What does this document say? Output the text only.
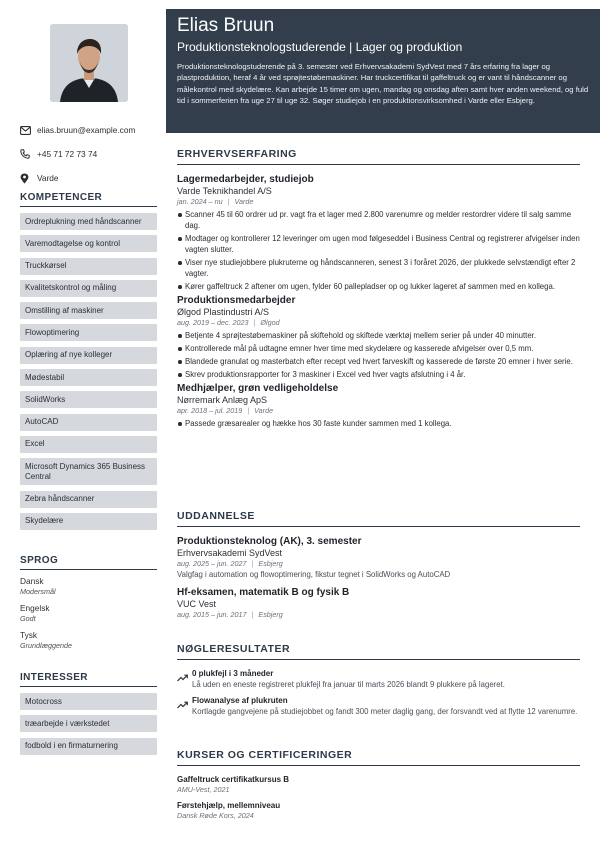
elias.bruun@example.com
+45 71 72 73 74
Varde
KOMPETENCER
Ordreplukning med håndscanner
Varemodtagelse og kontrol
Truckkørsel
Kvalitetskontrol og måling
Omstilling af maskiner
Flowoptimering
Oplæring af nye kolleger
Mødestabil
SolidWorks
AutoCAD
Excel
Microsoft Dynamics 365 Business Central
Zebra håndscanner
Skydelære
SPROG
Dansk
Modersmål
Engelsk
Godt
Tysk
Grundlæggende
INTERESSER
Motocross
træarbejde i værkstedet
fodbold i en firmaturnering
Elias Bruun
Produktionsteknologstuderende | Lager og produktion
Produktionsteknologstuderende på 3. semester ved Erhvervsakademi SydVest med 7 års erfaring fra lager og plastproduktion, heraf 4 år ved sprøjtestøbemaskiner. Har truckcertifikat til gaffeltruck og er vant til håndscanner og målekontrol med skydelære. Kan arbejde 15 timer om ugen, mandag og onsdag aften samt hver anden weekend, og fuld tid i sommerferien fra uge 27 til uge 32. Søger studiejob i en produktionsvirksomhed i Varde eller Esbjerg.
ERHVERVSERFARING
Lagermedarbejder, studiejob
Varde Teknikhandel A/S
jan. 2024 – nu | Varde
Scanner 45 til 60 ordrer ud pr. vagt fra et lager med 2.800 varenumre og melder restordrer videre til salg samme dag.
Modtager og kontrollerer 12 leveringer om ugen mod følgeseddel i Business Central og registrerer afvigelser inden vagten slutter.
Viser nye studiejobbere plukruterne og håndscanneren, senest 3 i foråret 2026, der plukkede selvstændigt efter 2 vagter.
Kører gaffeltruck 2 aftener om ugen, fylder 60 pallepladser op og lukker lageret af sammen med en kollega.
Produktionsmedarbejder
Ølgod Plastindustri A/S
aug. 2019 – dec. 2023 | Ølgod
Betjente 4 sprøjtestøbemaskiner på skiftehold og skiftede værktøj mellem serier på under 40 minutter.
Kontrollerede mål på udtagne emner hver time med skydelære og kasserede afvigelser over 0,5 mm.
Blandede granulat og masterbatch efter recept ved hvert farveskift og kasserede de første 20 emner i hver serie.
Skrev produktionsrapporter for 3 maskiner i Excel ved hver vagts afslutning i 4 år.
Medhjælper, grøn vedligeholdelse
Nørremark Anlæg ApS
apr. 2018 – jul. 2019 | Varde
Passede græsarealer og hække hos 30 faste kunder sammen med 1 kollega.
UDDANNELSE
Produktionsteknolog (AK), 3. semester
Erhvervsakademi SydVest
aug. 2025 – jun. 2027 | Esbjerg
Valgfag i automation og flowoptimering, fikstur tegnet i SolidWorks og AutoCAD
Hf-eksamen, matematik B og fysik B
VUC Vest
aug. 2015 – jun. 2017 | Esbjerg
NØGLERESULTATER
0 plukfejl i 3 måneder
Lå uden en eneste registreret plukfejl fra januar til marts 2026 blandt 9 plukkere på lageret.
Flowanalyse af plukruten
Kortlagde gangvejene på studiejobbet og fandt 300 meter daglig gang, der forsvandt ved at flytte 12 varenumre.
KURSER OG CERTIFICERINGER
Gaffeltruck certifikatkursus B
AMU-Vest, 2021
Førstehjælp, mellemniveau
Dansk Røde Kors, 2024
